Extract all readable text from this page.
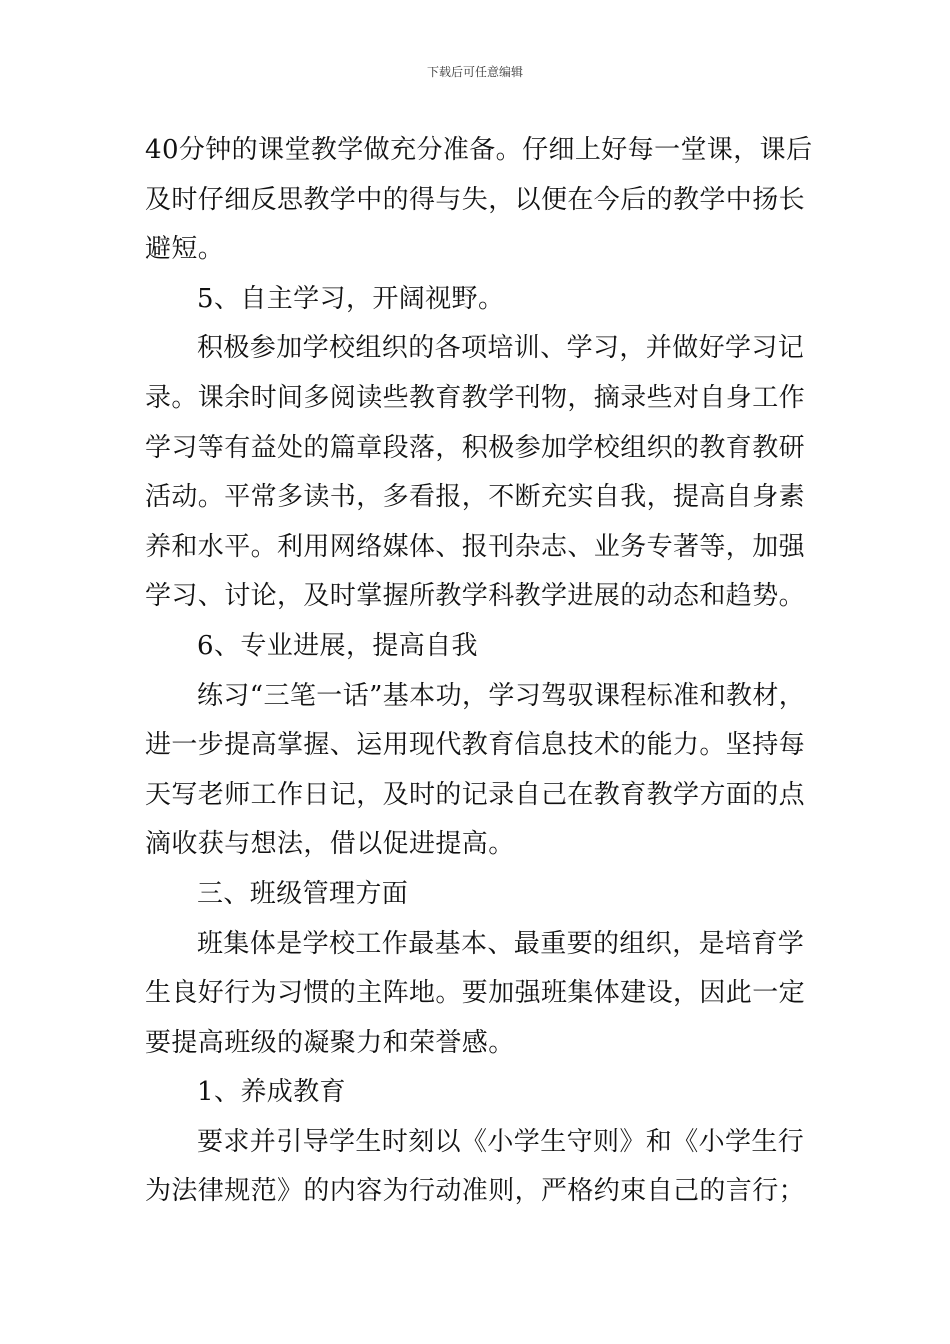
下载后可任意编辑
40分钟的课堂教学做充分准备。仔细上好每一堂课，课后
及时仔细反思教学中的得与失，以便在今后的教学中扬长
避短。
5、自主学习，开阔视野。
积极参加学校组织的各项培训、学习，并做好学习记
录。课余时间多阅读些教育教学刊物，摘录些对自身工作
学习等有益处的篇章段落，积极参加学校组织的教育教研
活动。平常多读书，多看报，不断充实自我，提高自身素
养和水平。利用网络媒体、报刊杂志、业务专著等，加强
学习、讨论，及时掌握所教学科教学进展的动态和趋势。
6、专业进展，提高自我
练习“三笔一话”基本功，学习驾驭课程标准和教材，
进一步提高掌握、运用现代教育信息技术的能力。坚持每
天写老师工作日记，及时的记录自己在教育教学方面的点
滴收获与想法，借以促进提高。
三、班级管理方面
班集体是学校工作最基本、最重要的组织，是培育学
生良好行为习惯的主阵地。要加强班集体建设，因此一定
要提高班级的凝聚力和荣誉感。
1、养成教育
要求并引导学生时刻以《小学生守则》和《小学生行
为法律规范》的内容为行动准则，严格约束自己的言行；
